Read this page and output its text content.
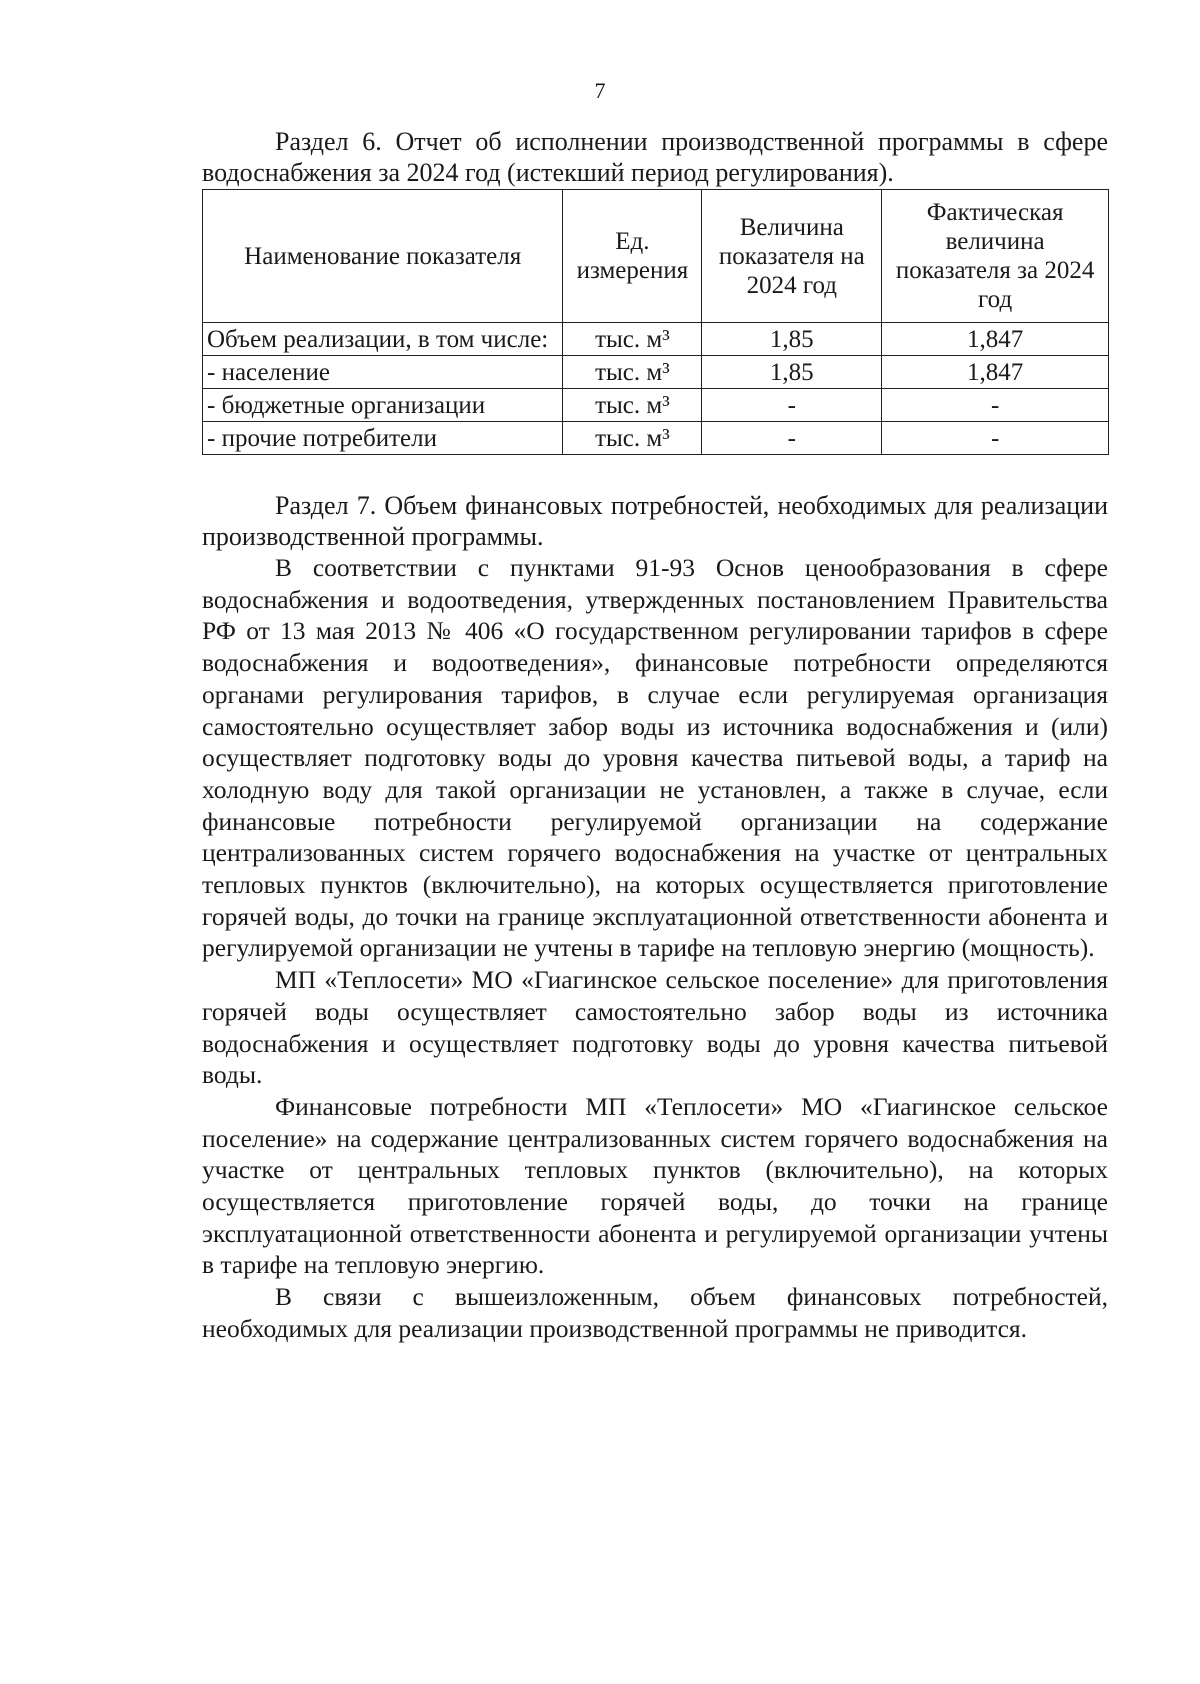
7

Раздел 6. Отчет об исполнении производственной программы в сфере водоснабжения за 2024 год (истекший период регулирования).

Наименование показателя	Ед. измерения	Величина показателя на 2024 год	Фактическая величина показателя за 2024 год
Объем реализации, в том числе:	тыс. м³	1,85	1,847
- население	тыс. м³	1,85	1,847
- бюджетные организации	тыс. м³	-	-
- прочие потребители	тыс. м³	-	-

Раздел 7. Объем финансовых потребностей, необходимых для реализации производственной программы.

В соответствии с пунктами 91-93 Основ ценообразования в сфере водоснабжения и водоотведения, утвержденных постановлением Правительства РФ от 13 мая 2013 № 406 «О государственном регулировании тарифов в сфере водоснабжения и водоотведения», финансовые потребности определяются органами регулирования тарифов, в случае если регулируемая организация самостоятельно осуществляет забор воды из источника водоснабжения и (или) осуществляет подготовку воды до уровня качества питьевой воды, а тариф на холодную воду для такой организации не установлен, а также в случае, если финансовые потребности регулируемой организации на содержание централизованных систем горячего водоснабжения на участке от центральных тепловых пунктов (включительно), на которых осуществляется приготовление горячей воды, до точки на границе эксплуатационной ответственности абонента и регулируемой организации не учтены в тарифе на тепловую энергию (мощность).

МП «Теплосети» МО «Гиагинское сельское поселение» для приготовления горячей воды осуществляет самостоятельно забор воды из источника водоснабжения и осуществляет подготовку воды до уровня качества питьевой воды.

Финансовые потребности МП «Теплосети» МО «Гиагинское сельское поселение» на содержание централизованных систем горячего водоснабжения на участке от центральных тепловых пунктов (включительно), на которых осуществляется приготовление горячей воды, до точки на границе эксплуатационной ответственности абонента и регулируемой организации учтены в тарифе на тепловую энергию.

В связи с вышеизложенным, объем финансовых потребностей, необходимых для реализации производственной программы не приводится.
